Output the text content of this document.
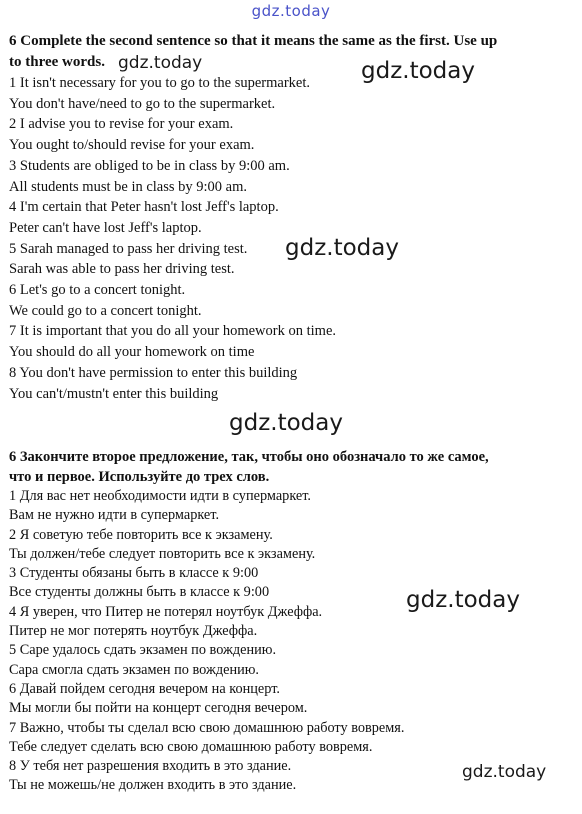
gdz.today

6 Complete the second sentence so that it means the same as the first. Use up

to three words.

1 It isn't necessary for you to go to the supermarket.

You don't have/need to go to the supermarket.

2 I advise you to revise for your exam.

You ought to/should revise for your exam.

3 Students are obliged to be in class by 9:00 am.

All students must be in class by 9:00 am.

4 I'm certain that Peter hasn't lost Jeff's laptop.

Peter can't have lost Jeff's laptop.

5 Sarah managed to pass her driving test.

Sarah was able to pass her driving test.

6 Let's go to a concert tonight.

We could go to a concert tonight.

7 It is important that you do all your homework on time.

You should do all your homework on time

8 You don't have permission to enter this building

You can't/mustn't enter this building

6 Закончите второе предложение, так, чтобы оно обозначало то же самое,

что и первое. Используйте до трех слов.

1 Для вас нет необходимости идти в супермаркет.

Вам не нужно идти в супермаркет.

2 Я советую тебе повторить все к экзамену.

Ты должен/тебе следует повторить все к экзамену.

3 Студенты обязаны быть в классе к 9:00

Все студенты должны быть в классе к 9:00

4 Я уверен, что Питер не потерял ноутбук Джеффа.

Питер не мог потерять ноутбук Джеффа.

5 Саре удалось сдать экзамен по вождению.

Сара смогла сдать экзамен по вождению.

6 Давай пойдем сегодня вечером на концерт.

Мы могли бы пойти на концерт сегодня вечером.

7 Важно, чтобы ты сделал всю свою домашнюю работу вовремя.

Тебе следует сделать всю свою домашнюю работу вовремя.

8 У тебя нет разрешения входить в это здание.

Ты не можешь/не должен входить в это здание.

gdz.today	gdz.today
gdz.today
gdz.today
gdz.today
gdz.today
